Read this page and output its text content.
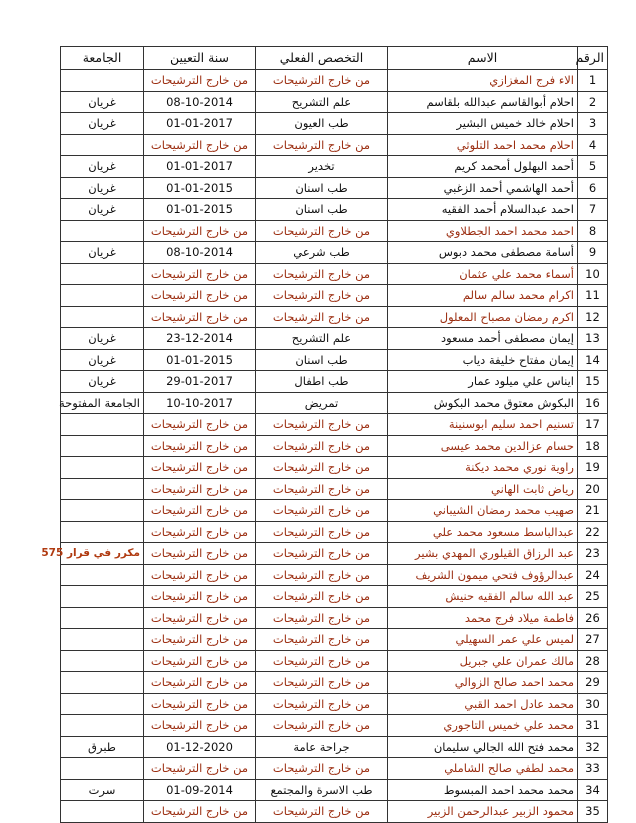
الرقم	الاسم	التخصص الفعلي	سنة التعيين	الجامعة
1	الاء فرج المغزازي	من خارج الترشيحات	من خارج الترشيحات	
2	احلام أبوالقاسم عبدالله بلقاسم	علم التشريح	08-10-2014	غريان
3	احلام خالد خميس البشير	طب العيون	01-01-2017	غريان
4	احلام محمد احمد التلوثي	من خارج الترشيحات	من خارج الترشيحات	
5	أحمد البهلول أمحمد كريم	تخدير	01-01-2017	غريان
6	أحمد الهاشمي أحمد الزغبي	طب اسنان	01-01-2015	غريان
7	احمد عبدالسلام أحمد الفقيه	طب اسنان	01-01-2015	غريان
8	احمد محمد احمد الجطلاوي	من خارج الترشيحات	من خارج الترشيحات	
9	أسامة مصطفى محمد دبوس	طب شرعي	08-10-2014	غريان
10	أسماء محمد علي عثمان	من خارج الترشيحات	من خارج الترشيحات	
11	اكرام محمد سالم سالم	من خارج الترشيحات	من خارج الترشيحات	
12	اكرم رمضان مصباح المعلول	من خارج الترشيحات	من خارج الترشيحات	
13	إيمان مصطفى أحمد مسعود	علم التشريح	23-12-2014	غريان
14	إيمان مفتاح خليفة دياب	طب اسنان	01-01-2015	غريان
15	ايناس علي ميلود عمار	طب اطفال	29-01-2017	غريان
16	البكوش معتوق محمد البكوش	تمريض	10-10-2017	الجامعة المفتوحة
17	تسنيم احمد سليم ابوسنينة	من خارج الترشيحات	من خارج الترشيحات	
18	حسام عزالدين محمد عيسى	من خارج الترشيحات	من خارج الترشيحات	
19	راوية نوري محمد ديكنة	من خارج الترشيحات	من خارج الترشيحات	
20	رياض ثابت الهاني	من خارج الترشيحات	من خارج الترشيحات	
21	صهيب محمد رمضان الشيباني	من خارج الترشيحات	من خارج الترشيحات	
22	عبدالباسط مسعود محمد علي	من خارج الترشيحات	من خارج الترشيحات	
23	عبد الرزاق القيلوري المهدي بشير	من خارج الترشيحات	من خارج الترشيحات	مكرر في قرار 575
24	عبدالرؤوف فتحي ميمون الشريف	من خارج الترشيحات	من خارج الترشيحات	
25	عبد الله سالم الفقيه حنيش	من خارج الترشيحات	من خارج الترشيحات	
26	فاطمة ميلاد فرج محمد	من خارج الترشيحات	من خارج الترشيحات	
27	لميس علي عمر السهيلي	من خارج الترشيحات	من خارج الترشيحات	
28	مالك عمران علي جبريل	من خارج الترشيحات	من خارج الترشيحات	
29	محمد احمد صالح الزوالي	من خارج الترشيحات	من خارج الترشيحات	
30	محمد عادل احمد القبي	من خارج الترشيحات	من خارج الترشيحات	
31	محمد علي خميس التاجوري	من خارج الترشيحات	من خارج الترشيحات	
32	محمد فتح الله الجالي سليمان	جراحة عامة	01-12-2020	طبرق
33	محمد لطفي صالح الشاملي	من خارج الترشيحات	من خارج الترشيحات	
34	محمد محمد احمد المبسوط	طب الاسرة والمجتمع	01-09-2014	سرت
35	محمود الزبير عبدالرحمن الزبير	من خارج الترشيحات	من خارج الترشيحات	
